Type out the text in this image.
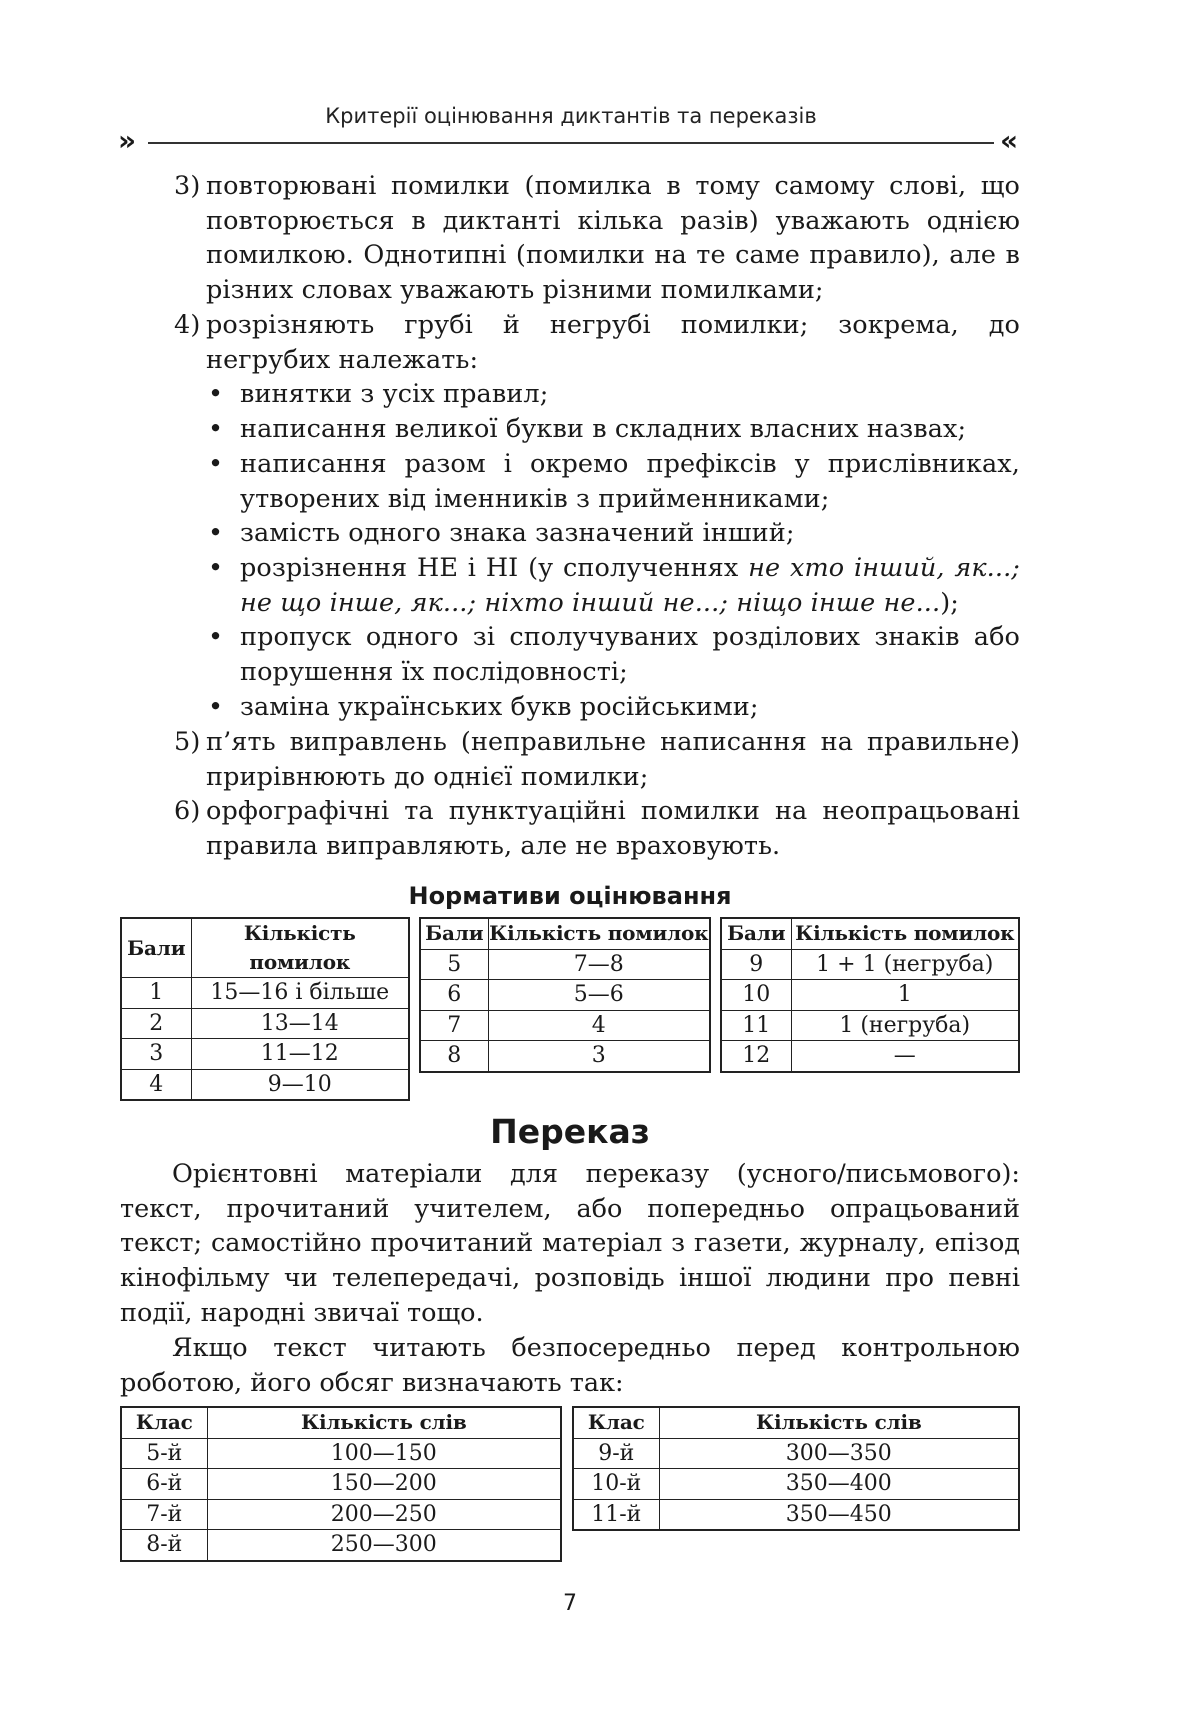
Критерії оцінювання диктантів та переказів
»	«
3) повторювані помилки (помилка в тому самому слові, що повторюється в диктанті кілька разів) уважають однією помилкою. Однотипні (помилки на те саме правило), але в різних словах уважають різними помилками;
4) розрізняють грубі й негрубі помилки; зокрема, до негрубих належать:
• винятки з усіх правил;
• написання великої букви в складних власних назвах;
• написання разом і окремо префіксів у прислівниках, утворених від іменників з прийменниками;
• замість одного знака зазначений інший;
• розрізнення НЕ і НІ (у сполученнях не хто інший, як...; не що інше, як...; ніхто інший не...; ніщо інше не...);
• пропуск одного зі сполучуваних розділових знаків або порушення їх послідовності;
• заміна українських букв російськими;
5) п’ять виправлень (неправильне написання на правильне) прирівнюють до однієї помилки;
6) орфографічні та пунктуаційні помилки на неопрацьовані правила виправляють, але не враховують.
Нормативи оцінювання
Бали	Кількість помилок
1	15—16 і більше
2	13—14
3	11—12
4	9—10
Бали	Кількість помилок
5	7—8
6	5—6
7	4
8	3
Бали	Кількість помилок
9	1 + 1 (негруба)
10	1
11	1 (негруба)
12	—
Переказ
Орієнтовні матеріали для переказу (усного/письмового): текст, прочитаний учителем, або попередньо опрацьований текст; самостійно прочитаний матеріал з газети, журналу, епізод кінофільму чи телепередачі, розповідь іншої людини про певні події, народні звичаї тощо.
Якщо текст читають безпосередньо перед контрольною роботою, його обсяг визначають так:
Клас	Кількість слів
5-й	100—150
6-й	150—200
7-й	200—250
8-й	250—300
Клас	Кількість слів
9-й	300—350
10-й	350—400
11-й	350—450
7
